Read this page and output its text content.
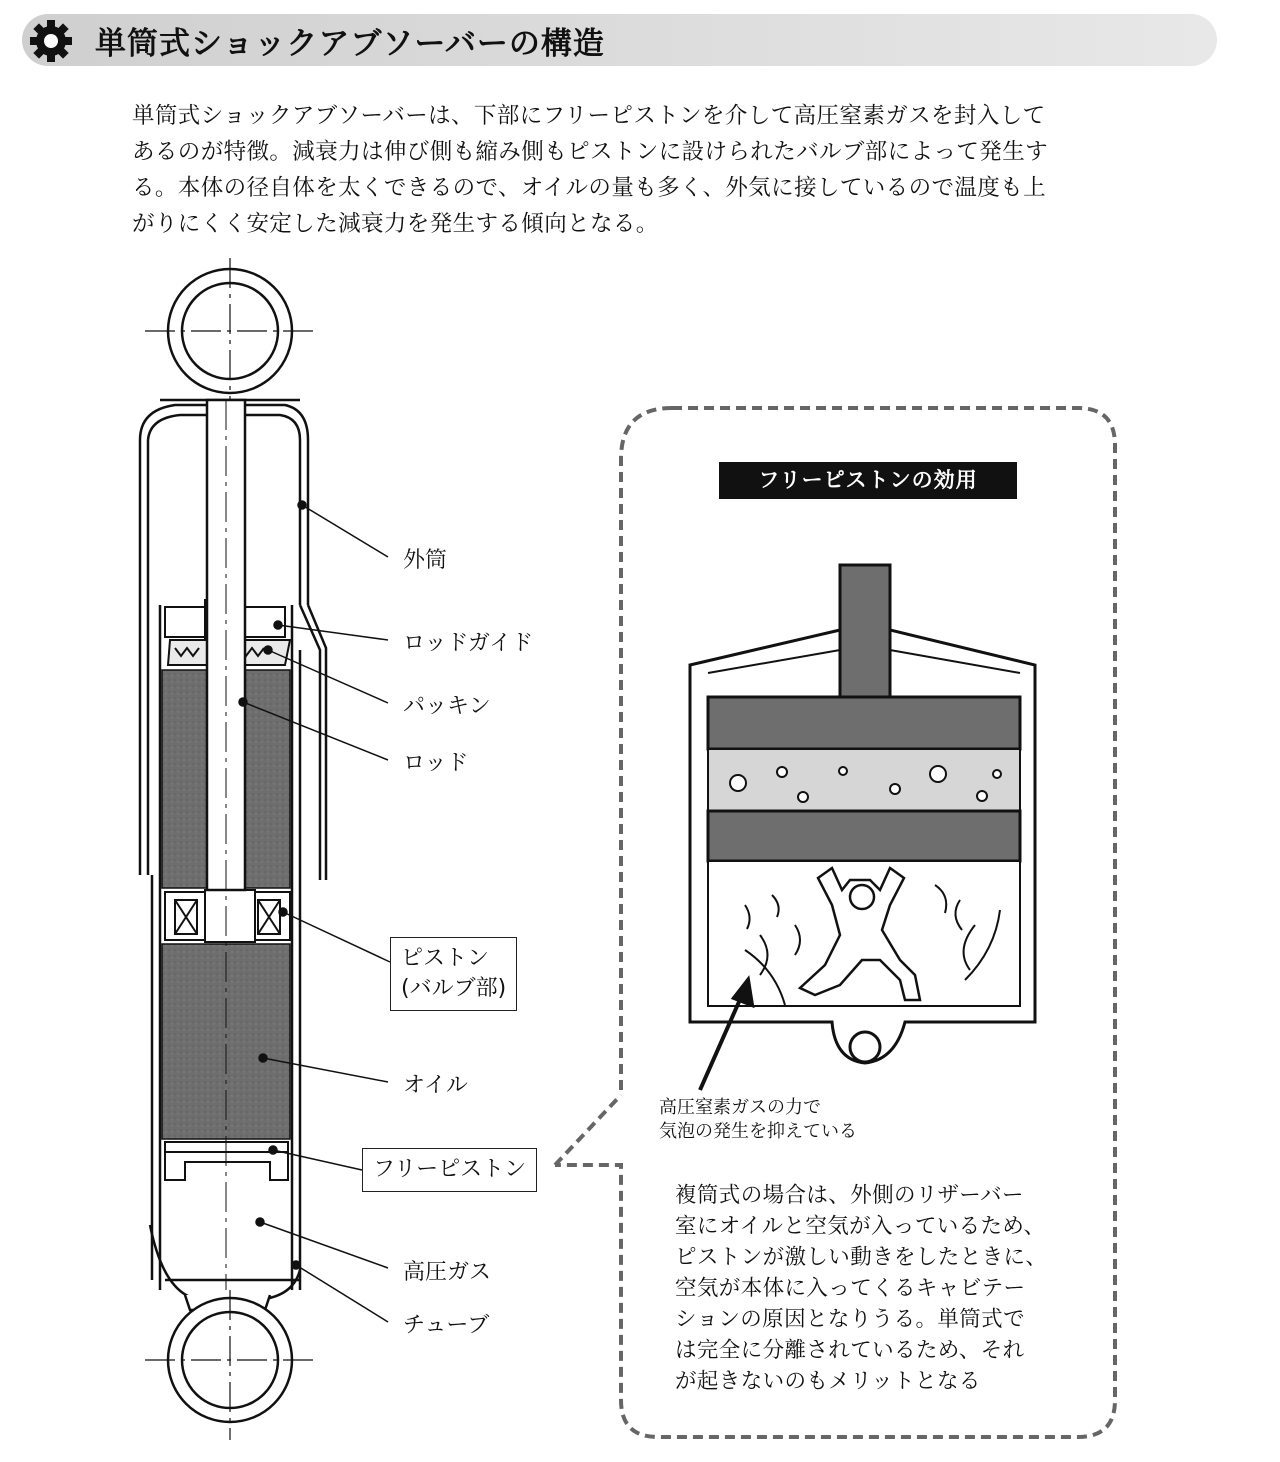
単筒式ショックアブソーバーの構造
単筒式ショックアブソーバーは、下部にフリーピストンを介して高圧窒素ガスを封入して
あるのが特徴。減衰力は伸び側も縮み側もピストンに設けられたバルブ部によって発生す
る。本体の径自体を太くできるので、オイルの量も多く、外気に接しているので温度も上
がりにくく安定した減衰力を発生する傾向となる。
外筒
ロッドガイド
パッキン
ロッド
ピストン
(バルブ部)
オイル
フリーピストン
高圧ガス
チューブ
フリーピストンの効用
高圧窒素ガスの力で
気泡の発生を抑えている
複筒式の場合は、外側のリザーバー
室にオイルと空気が入っているため、
ピストンが激しい動きをしたときに、
空気が本体に入ってくるキャビテー
ションの原因となりうる。単筒式で
は完全に分離されているため、それ
が起きないのもメリットとなる
